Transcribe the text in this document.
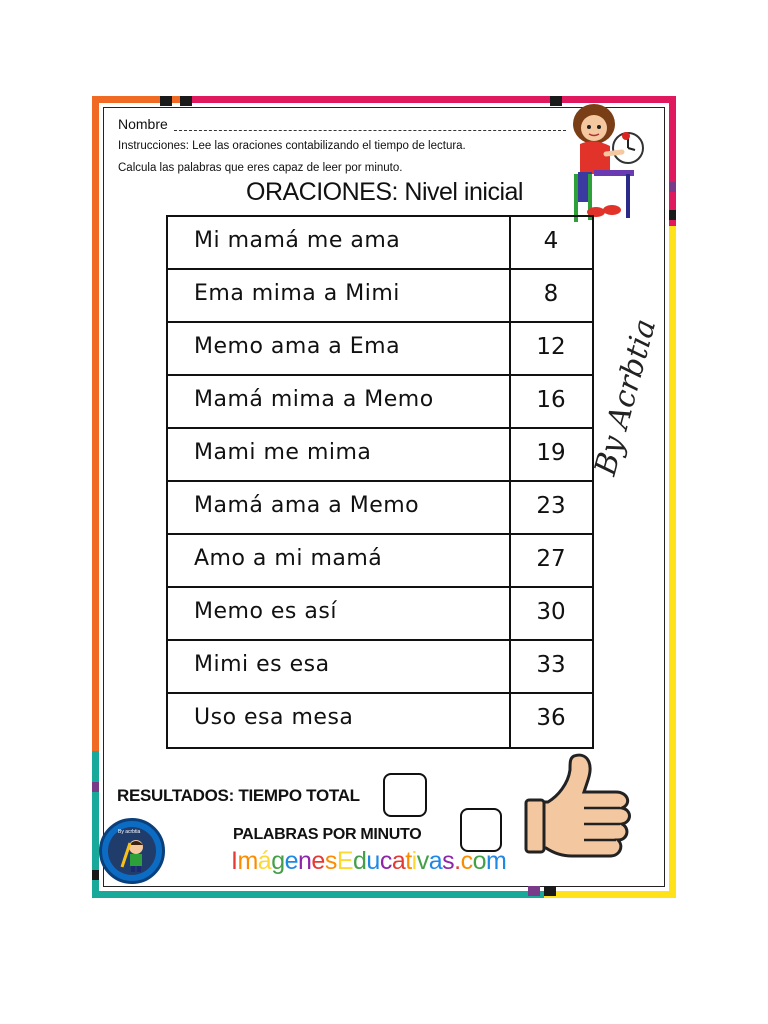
Nombre
Instrucciones: Lee las oraciones contabilizando el tiempo de lectura.
Calcula las palabras que eres capaz de leer por minuto.
ORACIONES: Nivel inicial
Mi mamá me ama	4
Ema mima a Mimi	8
Memo ama a Ema	12
Mamá mima a Memo	16
Mami me mima	19
Mamá ama a Memo	23
Amo a mi mamá	27
Memo es así	30
Mimi es esa	33
Uso esa mesa	36
By Acrbtia
RESULTADOS: TIEMPO TOTAL
PALABRAS POR MINUTO
ImágenesEducativas.com
By acrbtia
